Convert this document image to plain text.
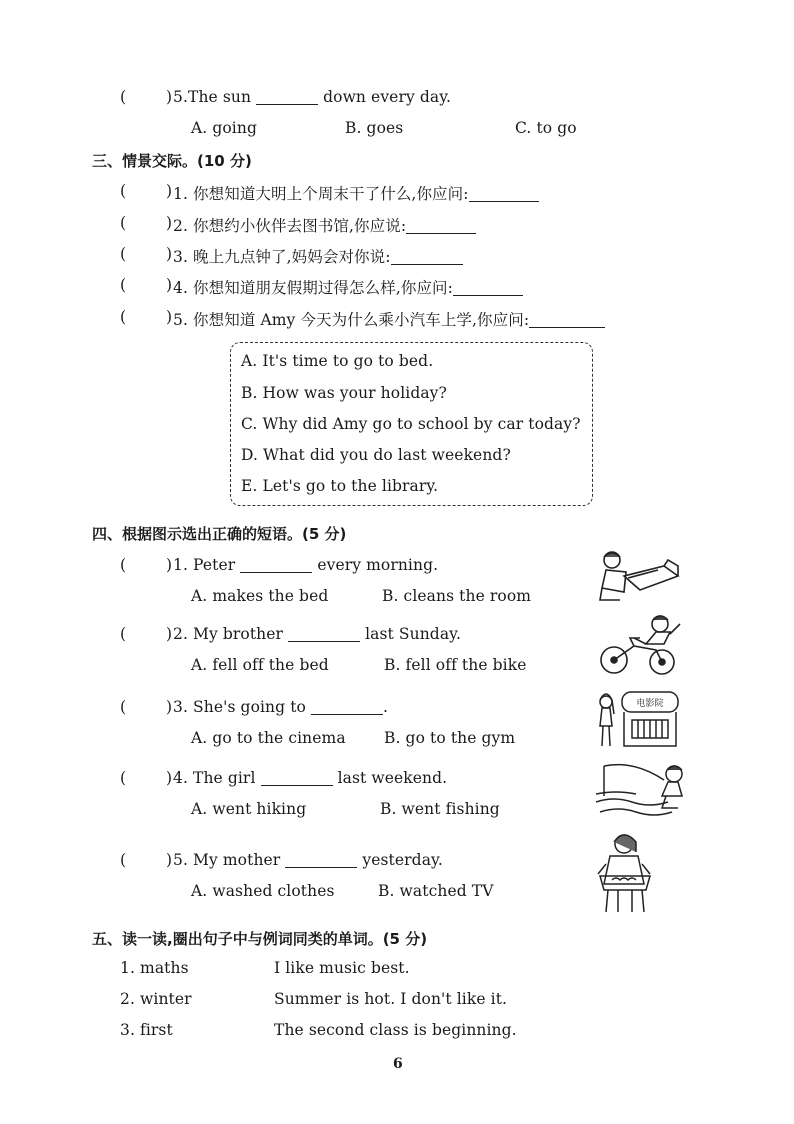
(	) 5.The sun	down every day.
A. going	B. goes	C. to go
三、情景交际。(10 分)
(	) 1. 你想知道大明上个周末干了什么,你应问:
(	) 2. 你想约小伙伴去图书馆,你应说:
(	) 3. 晚上九点钟了,妈妈会对你说:
(	) 4. 你想知道朋友假期过得怎么样,你应问:
(	) 5. 你想知道 Amy 今天为什么乘小汽车上学,你应问:
A. It's time to go to bed.
B. How was your holiday?
C. Why did Amy go to school by car today?
D. What did you do last weekend?
E. Let's go to the library.
四、根据图示选出正确的短语。(5 分)
(	) 1. Peter	every morning.
A. makes the bed	B. cleans the room
(	) 2. My brother	last Sunday.
A. fell off the bed	B. fell off the bike
(	) 3. She's going to	.
A. go to the cinema B. go to the gym
(	) 4. The girl	last weekend.
A. went hiking	B. went fishing
(	) 5. My mother	yesterday.
A. washed clothes	B. watched TV
电影院
五、读一读,圈出句子中与例词同类的单词。(5 分)
1. maths	I like music best.
2. winter	Summer is hot. I don't like it.
3. first	The second class is beginning.
6
